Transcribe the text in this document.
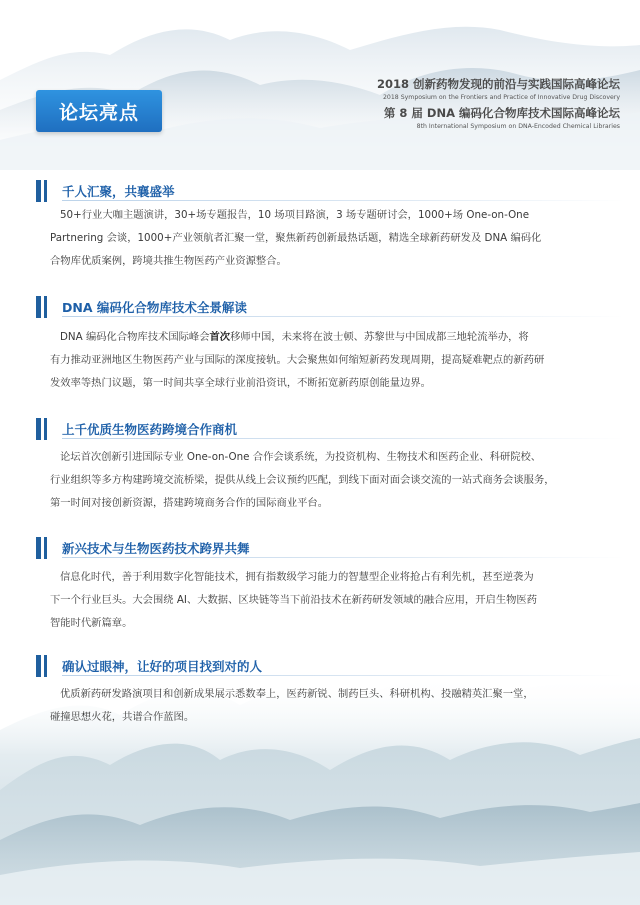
论坛亮点
2018 创新药物发现的前沿与实践国际高峰论坛
2018 Symposium on the Frontiers and Practice of Innovative Drug Discovery
第 8 届 DNA 编码化合物库技术国际高峰论坛
8th International Symposium on DNA-Encoded Chemical Libraries
千人汇聚，共襄盛举
50+行业大咖主题演讲，30+场专题报告，10 场项目路演，3 场专题研讨会，1000+场 One-on-One
Partnering 会谈，1000+产业领航者汇聚一堂，聚焦新药创新最热话题，精选全球新药研发及 DNA 编码化
合物库优质案例，跨境共推生物医药产业资源整合。
DNA 编码化合物库技术全景解读
DNA 编码化合物库技术国际峰会首次移师中国，未来将在波士顿、苏黎世与中国成都三地轮流举办，将
有力推动亚洲地区生物医药产业与国际的深度接轨。大会聚焦如何缩短新药发现周期，提高疑难靶点的新药研
发效率等热门议题，第一时间共享全球行业前沿资讯，不断拓宽新药原创能量边界。
上千优质生物医药跨境合作商机
论坛首次创新引进国际专业 One-on-One 合作会谈系统，为投资机构、生物技术和医药企业、科研院校、
行业组织等多方构建跨境交流桥梁，提供从线上会议预约匹配，到线下面对面会谈交流的一站式商务会谈服务，
第一时间对接创新资源，搭建跨境商务合作的国际商业平台。
新兴技术与生物医药技术跨界共舞
信息化时代，善于利用数字化智能技术，拥有指数级学习能力的智慧型企业将抢占有利先机，甚至逆袭为
下一个行业巨头。大会围绕 AI、大数据、区块链等当下前沿技术在新药研发领域的融合应用，开启生物医药
智能时代新篇章。
确认过眼神，让好的项目找到对的人
优质新药研发路演项目和创新成果展示悉数奉上，医药新锐、制药巨头、科研机构、投融精英汇聚一堂，
碰撞思想火花，共谱合作蓝图。
